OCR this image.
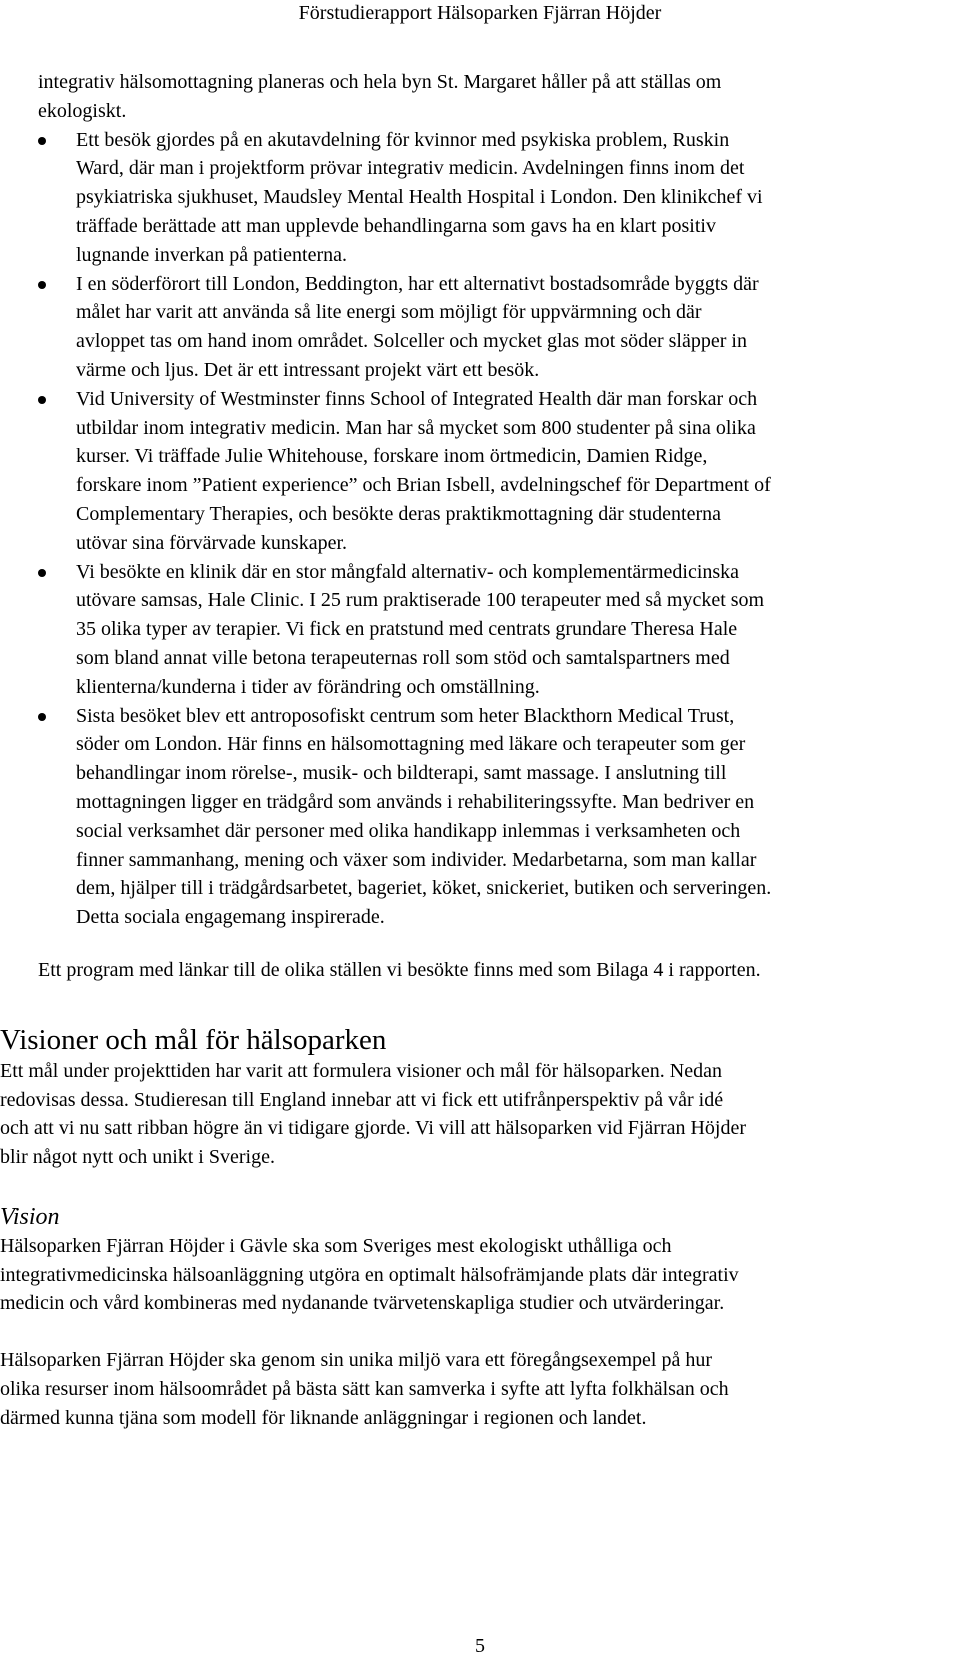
Förstudierapport Hälsoparken Fjärran Höjder

integrativ hälsomottagning planeras och hela byn St. Margaret håller på att ställas om
ekologiskt.

Ett besök gjordes på en akutavdelning för kvinnor med psykiska problem, Ruskin
Ward, där man i projektform prövar integrativ medicin. Avdelningen finns inom det
psykiatriska sjukhuset, Maudsley Mental Health Hospital i London. Den klinikchef vi
träffade berättade att man upplevde behandlingarna som gavs ha en klart positiv
lugnande inverkan på patienterna.
I en söderförort till London, Beddington, har ett alternativt bostadsområde byggts där
målet har varit att använda så lite energi som möjligt för uppvärmning och där
avloppet tas om hand inom området. Solceller och mycket glas mot söder släpper in
värme och ljus. Det är ett intressant projekt värt ett besök.
Vid University of Westminster finns School of Integrated Health där man forskar och
utbildar inom integrativ medicin. Man har så mycket som 800 studenter på sina olika
kurser. Vi träffade Julie Whitehouse, forskare inom örtmedicin, Damien Ridge,
forskare inom ”Patient experience” och Brian Isbell, avdelningschef för Department of
Complementary Therapies, och besökte deras praktikmottagning där studenterna
utövar sina förvärvade kunskaper.
Vi besökte en klinik där en stor mångfald alternativ- och komplementärmedicinska
utövare samsas, Hale Clinic. I 25 rum praktiserade 100 terapeuter med så mycket som
35 olika typer av terapier. Vi fick en pratstund med centrats grundare Theresa Hale
som bland annat ville betona terapeuternas roll som stöd och samtalspartners med
klienterna/kunderna i tider av förändring och omställning.
Sista besöket blev ett antroposofiskt centrum som heter Blackthorn Medical Trust,
söder om London. Här finns en hälsomottagning med läkare och terapeuter som ger
behandlingar inom rörelse-, musik- och bildterapi, samt massage. I anslutning till
mottagningen ligger en trädgård som används i rehabiliteringssyfte. Man bedriver en
social verksamhet där personer med olika handikapp inlemmas i verksamheten och
finner sammanhang, mening och växer som individer. Medarbetarna, som man kallar
dem, hjälper till i trädgårdsarbetet, bageriet, köket, snickeriet, butiken och serveringen.
Detta sociala engagemang inspirerade.

Ett program med länkar till de olika ställen vi besökte finns med som Bilaga 4 i rapporten.

Visioner och mål för hälsoparken

Ett mål under projekttiden har varit att formulera visioner och mål för hälsoparken. Nedan
redovisas dessa. Studieresan till England innebar att vi fick ett utifrånperspektiv på vår idé
och att vi nu satt ribban högre än vi tidigare gjorde. Vi vill att hälsoparken vid Fjärran Höjder
blir något nytt och unikt i Sverige.

Vision

Hälsoparken Fjärran Höjder i Gävle ska som Sveriges mest ekologiskt uthålliga och
integrativmedicinska hälsoanläggning utgöra en optimalt hälsofrämjande plats där integrativ
medicin och vård kombineras med nydanande tvärvetenskapliga studier och utvärderingar.

Hälsoparken Fjärran Höjder ska genom sin unika miljö vara ett föregångsexempel på hur
olika resurser inom hälsoområdet på bästa sätt kan samverka i syfte att lyfta folkhälsan och
därmed kunna tjäna som modell för liknande anläggningar i regionen och landet.

5
